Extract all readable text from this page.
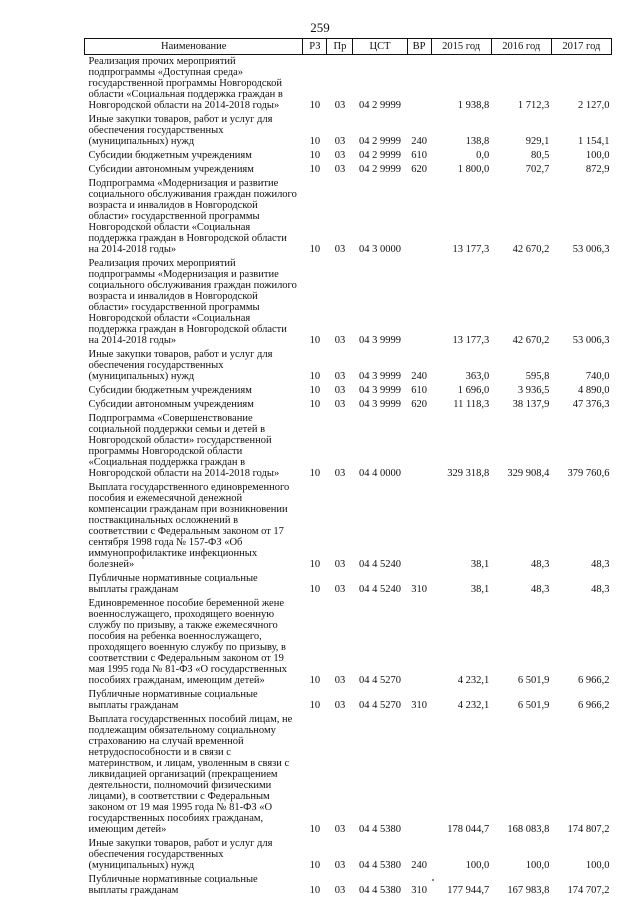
259
Наименование	РЗ	Пр	ЦСТ	ВР	2015 год	2016 год	2017 год
Реализация прочих мероприятий подпрограммы «Доступная среда» государственной программы Новгородской области «Социальная поддержка граждан в Новгородской области на 2014-2018 годы»	10	03	04 2 9999		1 938,8	1 712,3	2 127,0
Иные закупки товаров, работ и услуг для обеспечения государственных (муниципальных) нужд	10	03	04 2 9999	240	138,8	929,1	1 154,1
Субсидии бюджетным учреждениям	10	03	04 2 9999	610	0,0	80,5	100,0
Субсидии автономным учреждениям	10	03	04 2 9999	620	1 800,0	702,7	872,9
Подпрограмма «Модернизация и развитие социального обслуживания граждан пожилого возраста и инвалидов в Новгородской области» государственной программы Новгородской области «Социальная поддержка граждан в Новгородской области на 2014-2018 годы»	10	03	04 3 0000		13 177,3	42 670,2	53 006,3
Реализация прочих мероприятий подпрограммы «Модернизация и развитие социального обслуживания граждан пожилого возраста и инвалидов в Новгородской области» государственной программы Новгородской области «Социальная поддержка граждан в Новгородской области на 2014-2018 годы»	10	03	04 3 9999		13 177,3	42 670,2	53 006,3
Иные закупки товаров, работ и услуг для обеспечения государственных (муниципальных) нужд	10	03	04 3 9999	240	363,0	595,8	740,0
Субсидии бюджетным учреждениям	10	03	04 3 9999	610	1 696,0	3 936,5	4 890,0
Субсидии автономным учреждениям	10	03	04 3 9999	620	11 118,3	38 137,9	47 376,3
Подпрограмма «Совершенствование социальной поддержки семьи и детей в Новгородской области» государственной программы Новгородской области «Социальная поддержка граждан в Новгородской области на 2014-2018 годы»	10	03	04 4 0000		329 318,8	329 908,4	379 760,6
Выплата государственного единовременного пособия и ежемесячной денежной компенсации гражданам при возникновении поствакцинальных осложнений в соответствии с Федеральным законом от 17 сентября 1998 года № 157-ФЗ «Об иммунопрофилактике инфекционных болезней»	10	03	04 4 5240		38,1	48,3	48,3
Публичные нормативные социальные выплаты гражданам	10	03	04 4 5240	310	38,1	48,3	48,3
Единовременное пособие беременной жене военнослужащего, проходящего военную службу по призыву, а также ежемесячного пособия на ребенка военнослужащего, проходящего военную службу по призыву, в соответствии с Федеральным законом от 19 мая 1995 года № 81-ФЗ «О государственных пособиях гражданам, имеющим детей»	10	03	04 4 5270		4 232,1	6 501,9	6 966,2
Публичные нормативные социальные выплаты гражданам	10	03	04 4 5270	310	4 232,1	6 501,9	6 966,2
Выплата государственных пособий лицам, не подлежащим обязательному социальному страхованию на случай временной нетрудоспособности и в связи с материнством, и лицам, уволенным в связи с ликвидацией организаций (прекращением деятельности, полномочий физическими лицами), в соответствии с Федеральным законом от 19 мая 1995 года № 81-ФЗ «О государственных пособиях гражданам, имеющим детей»	10	03	04 4 5380		178 044,7	168 083,8	174 807,2
Иные закупки товаров, работ и услуг для обеспечения государственных (муниципальных) нужд	10	03	04 4 5380	240	100,0	100,0	100,0
Публичные нормативные социальные выплаты гражданам	10	03	04 4 5380	310	177 944,7	167 983,8	174 707,2
